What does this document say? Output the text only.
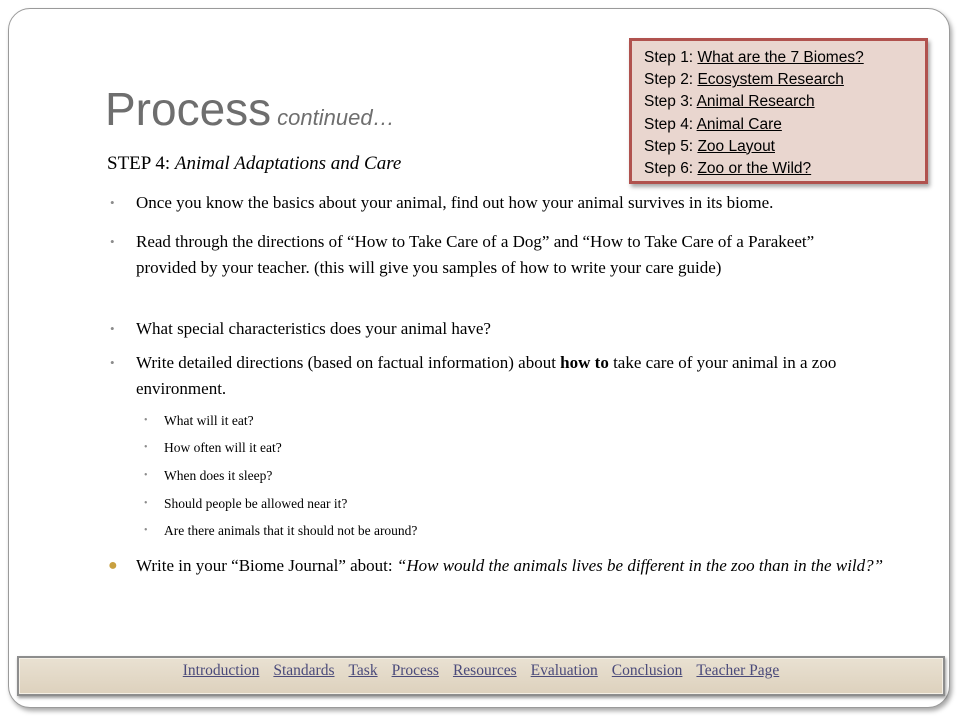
Process continued…
Step 1: What are the 7 Biomes?
Step 2: Ecosystem Research
Step 3: Animal Research
Step 4: Animal Care
Step 5: Zoo Layout
Step 6: Zoo or the Wild?
STEP 4: Animal Adaptations and Care
• Once you know the basics about your animal, find out how your animal survives in its biome.
• Read through the directions of “How to Take Care of a Dog” and “How to Take Care of a Parakeet” provided by your teacher. (this will give you samples of how to write your care guide)
• What special characteristics does your animal have?
• Write detailed directions (based on factual information) about how to take care of your animal in a zoo environment.
• What will it eat?
• How often will it eat?
• When does it sleep?
• Should people be allowed near it?
• Are there animals that it should not be around?
● Write in your “Biome Journal” about: “How would the animals lives be different in the zoo than in the wild?”
Introduction Standards Task Process Resources Evaluation Conclusion Teacher Page
